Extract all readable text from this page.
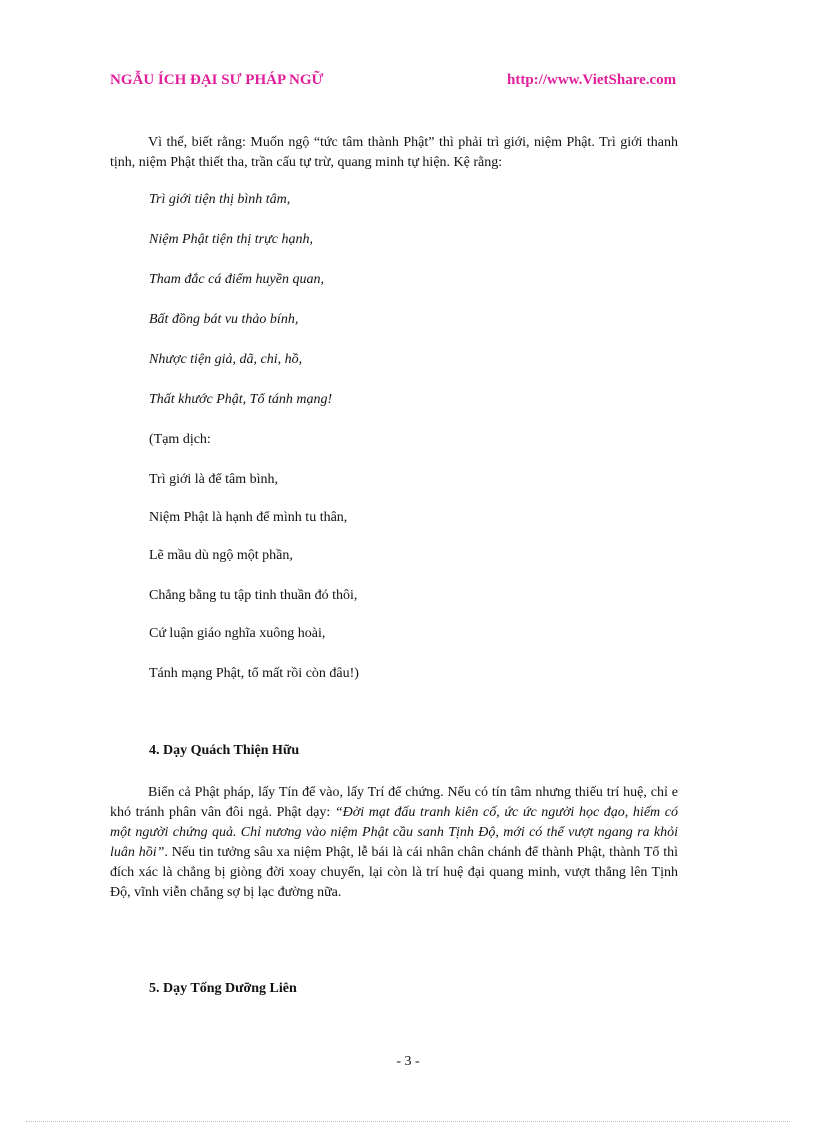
NGẪU ÍCH ĐẠI SƯ PHÁP NGỮ	http://www.VietShare.com

Vì thế, biết rằng: Muốn ngộ “tức tâm thành Phật” thì phải trì giới, niệm Phật. Trì giới thanh tịnh, niệm Phật thiết tha, trần cấu tự trừ, quang minh tự hiện. Kệ rằng:

Trì giới tiện thị bình tâm,
Niệm Phật tiện thị trực hạnh,
Tham đắc cá điểm huyền quan,
Bất đồng bát vu thảo bính,
Nhược tiện giả, dã, chi, hồ,
Thất khước Phật, Tổ tánh mạng!
(Tạm dịch:
Trì giới là để tâm bình,
Niệm Phật là hạnh để mình tu thân,
Lẽ mầu dù ngộ một phần,
Chẳng bằng tu tập tinh thuần đó thôi,
Cứ luận giáo nghĩa xuông hoài,
Tánh mạng Phật, tổ mất rồi còn đâu!)
4. Dạy Quách Thiện Hữu

Biển cả Phật pháp, lấy Tín để vào, lấy Trí để chứng. Nếu có tín tâm nhưng thiếu trí huệ, chỉ e khó tránh phân vân đôi ngả. Phật dạy: “Đời mạt đấu tranh kiên cố, ức ức người học đạo, hiếm có một người chứng quả. Chỉ nương vào niệm Phật cầu sanh Tịnh Độ, mới có thể vượt ngang ra khỏi luân hồi”. Nếu tin tưởng sâu xa niệm Phật, lễ bái là cái nhân chân chánh để thành Phật, thành Tổ thì đích xác là chẳng bị giòng đời xoay chuyển, lại còn là trí huệ đại quang minh, vượt thẳng lên Tịnh Độ, vĩnh viễn chẳng sợ bị lạc đường nữa.

5. Dạy Tống Dưỡng Liên
- 3 -
